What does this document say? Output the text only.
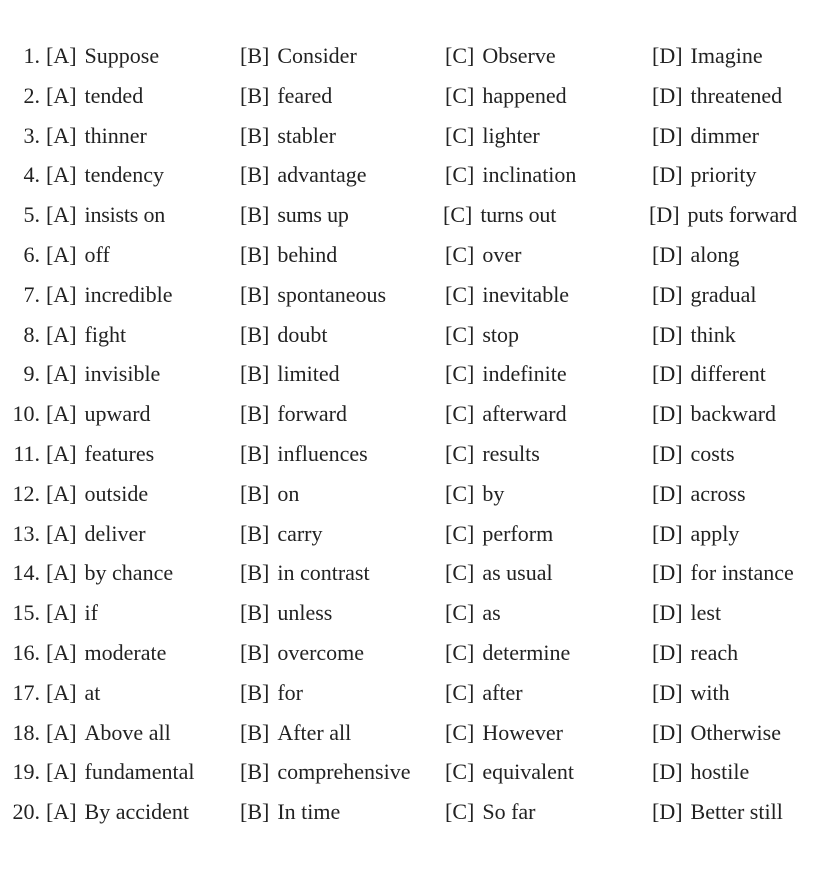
1. [A] Suppose	[B] Consider	[C] Observe	[D] Imagine
2. [A] tended	[B] feared	[C] happened	[D] threatened
3. [A] thinner	[B] stabler	[C] lighter	[D] dimmer
4. [A] tendency	[B] advantage	[C] inclination	[D] priority
5. [A] insists on	[B] sums up	[C] turns out	[D] puts forward
6. [A] off	[B] behind	[C] over	[D] along
7. [A] incredible	[B] spontaneous	[C] inevitable	[D] gradual
8. [A] fight	[B] doubt	[C] stop	[D] think
9. [A] invisible	[B] limited	[C] indefinite	[D] different
10. [A] upward	[B] forward	[C] afterward	[D] backward
11. [A] features	[B] influences	[C] results	[D] costs
12. [A] outside	[B] on	[C] by	[D] across
13. [A] deliver	[B] carry	[C] perform	[D] apply
14. [A] by chance	[B] in contrast	[C] as usual	[D] for instance
15. [A] if	[B] unless	[C] as	[D] lest
16. [A] moderate	[B] overcome	[C] determine	[D] reach
17. [A] at	[B] for	[C] after	[D] with
18. [A] Above all	[B] After all	[C] However	[D] Otherwise
19. [A] fundamental [B] comprehensive [C] equivalent	[D] hostile
20. [A] By accident [B] In time	[C] So far	[D] Better still
